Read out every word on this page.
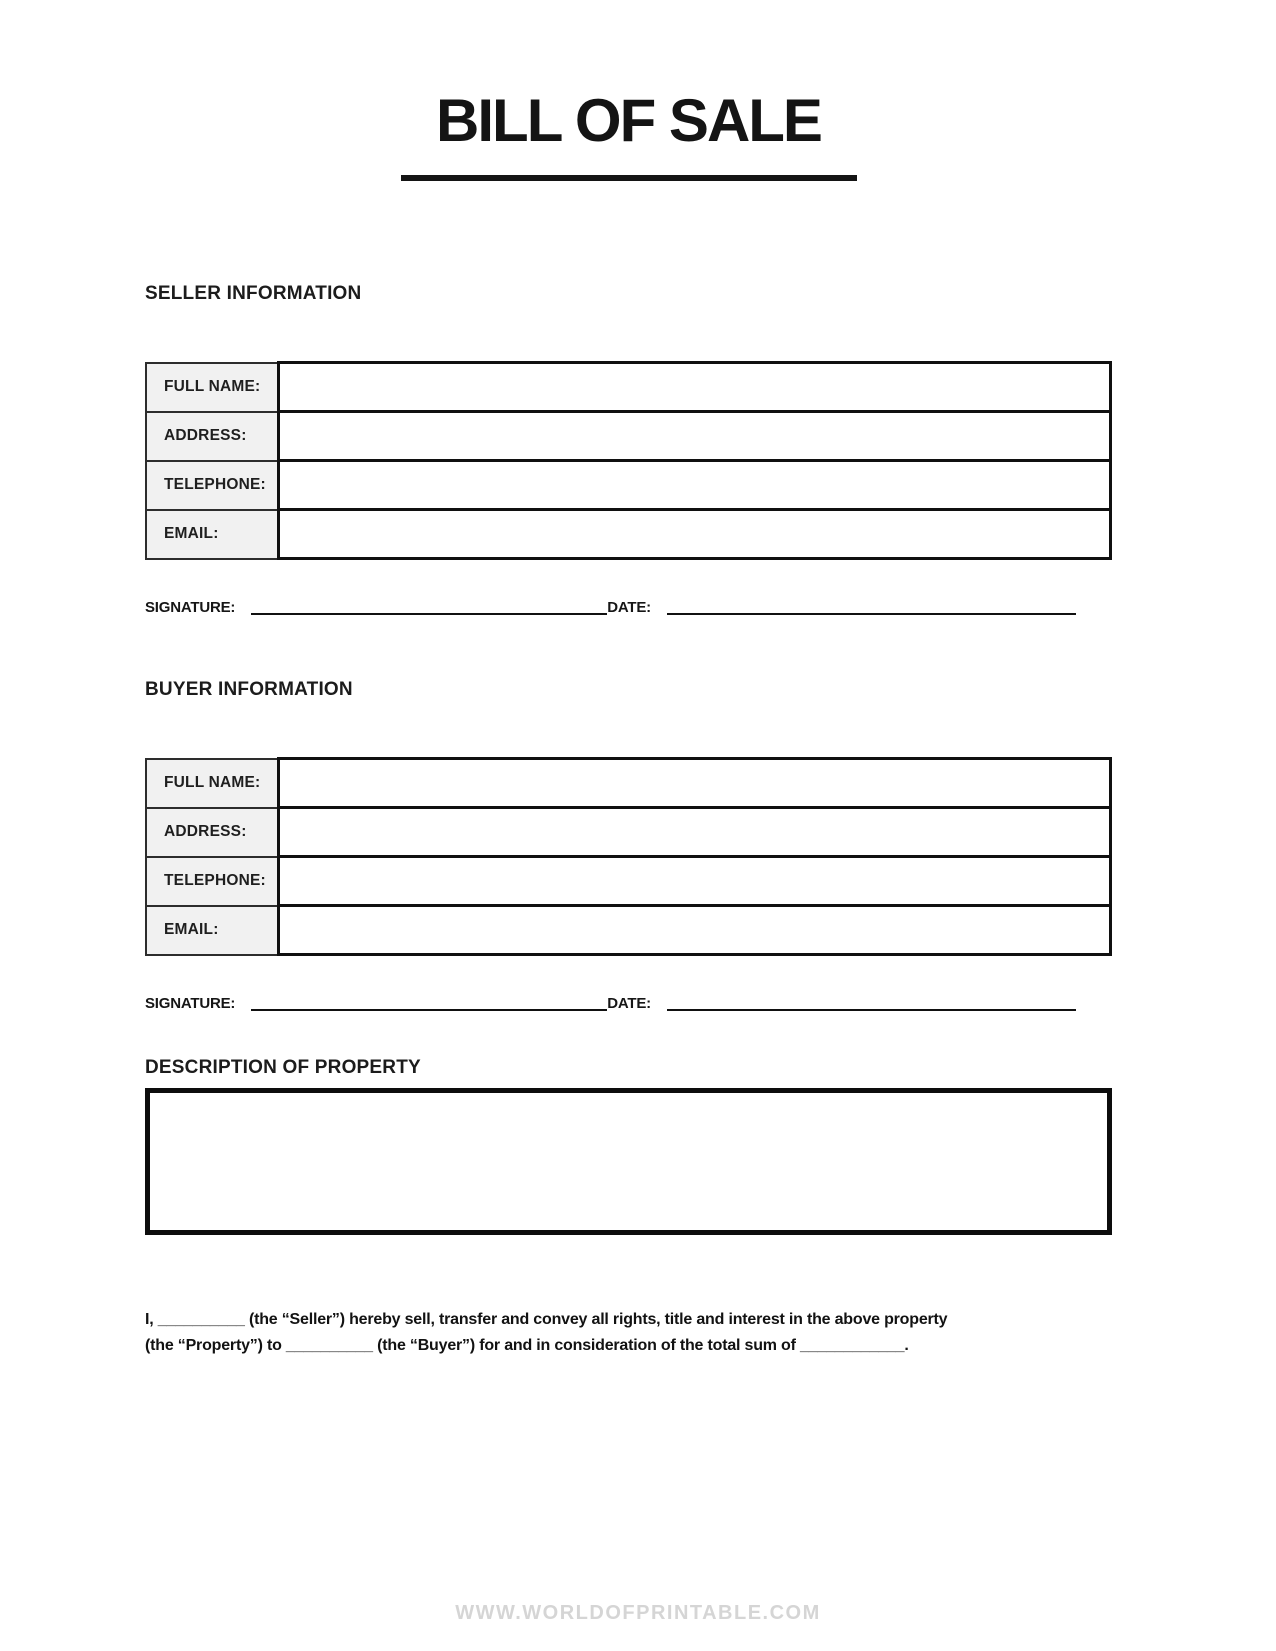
BILL OF SALE
SELLER INFORMATION
FULL NAME:	
ADDRESS:	
TELEPHONE:	
EMAIL:	
SIGNATURE:	DATE:
BUYER INFORMATION
FULL NAME:	
ADDRESS:	
TELEPHONE:	
EMAIL:	
SIGNATURE:	DATE:
DESCRIPTION OF PROPERTY

I, __________ (the “Seller”) hereby sell, transfer and convey all rights, title and interest in the above property
(the “Property”) to __________ (the “Buyer”) for and in consideration of the total sum of ____________.

WWW.WORLDOFPRINTABLE.COM
